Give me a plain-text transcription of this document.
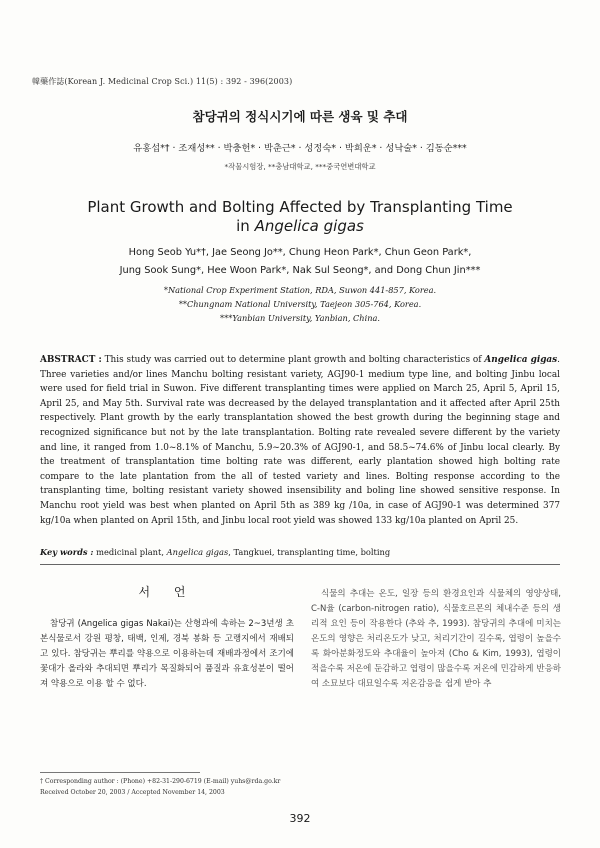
韓藥作誌(Korean J. Medicinal Crop Sci.) 11(5) : 392 - 396(2003)
참당귀의 정식시기에 따른 생육 및 추대
유홍섭*† · 조재성** · 박충헌* · 박춘근* · 성정숙* · 박희운* · 성낙술* · 김동순***
*작물시험장, **충남대학교, ***중국연변대학교
Plant Growth and Bolting Affected by Transplanting Time
in Angelica gigas
Hong Seob Yu*†, Jae Seong Jo**, Chung Heon Park*, Chun Geon Park*,
Jung Sook Sung*, Hee Woon Park*, Nak Sul Seong*, and Dong Chun Jin***
*National Crop Experiment Station, RDA, Suwon 441-857, Korea.
**Chungnam National University, Taejeon 305-764, Korea.
***Yanbian University, Yanbian, China.
ABSTRACT : This study was carried out to determine plant growth and bolting characteristics of Angelica gigas. Three varieties and/or lines Manchu bolting resistant variety, AGJ90-1 medium type line, and bolting Jinbu local were used for field trial in Suwon. Five different transplanting times were applied on March 25, April 5, April 15, April 25, and May 5th. Survival rate was decreased by the delayed transplantation and it affected after April 25th respectively. Plant growth by the early transplantation showed the best growth during the beginning stage and recognized significance but not by the late transplantation. Bolting rate revealed severe different by the variety and line, it ranged from 1.0~8.1% of Manchu, 5.9~20.3% of AGJ90-1, and 58.5~74.6% of Jinbu local clearly. By the treatment of transplantation time bolting rate was different, early plantation showed high bolting rate compare to the late plantation from the all of tested variety and lines. Bolting response according to the transplanting time, bolting resistant variety showed insensibility and boling line showed sensitive response. In Manchu root yield was best when planted on April 5th as 389 kg /10a, in case of AGJ90-1 was determined 377 kg/10a when planted on April 15th, and Jinbu local root yield was showed 133 kg/10a planted on April 25.
Key words : medicinal plant, Angelica gigas, Tangkuei, transplanting time, bolting
서 언
참당귀 (Angelica gigas Nakai)는 산형과에 속하는 2~3년생 초본식물로서 강원 평창, 태백, 인제, 경북 봉화 등 고랭지에서 재배되고 있다. 참당귀는 뿌리를 약용으로 이용하는데 재배과정에서 조기에 꽃대가 올라와 추대되면 뿌리가 목질화되어 품질과 유효성분이 떨어져 약용으로 이용 할 수 없다.
식물의 추대는 온도, 일장 등의 환경요인과 식물체의 영양상태, C-N율 (carbon-nitrogen ratio), 식물호르몬의 체내수준 등의 생리적 요인 등이 작용한다 (추와 추, 1993). 참당귀의 추대에 미치는 온도의 영향은 처리온도가 낮고, 처리기간이 길수록, 엽령이 높을수록 화아분화정도와 추대율이 높아져 (Cho & Kim, 1993), 엽령이 적을수록 저온에 둔감하고 엽령이 많을수록 저온에 민감하게 반응하여 소묘보다 대묘일수록 저온감응을 쉽게 받아 추
† Corresponding author : (Phone) +82-31-290-6719 (E-mail) yuhs@rda.go.kr
Received October 20, 2003 / Accepted November 14, 2003
392
